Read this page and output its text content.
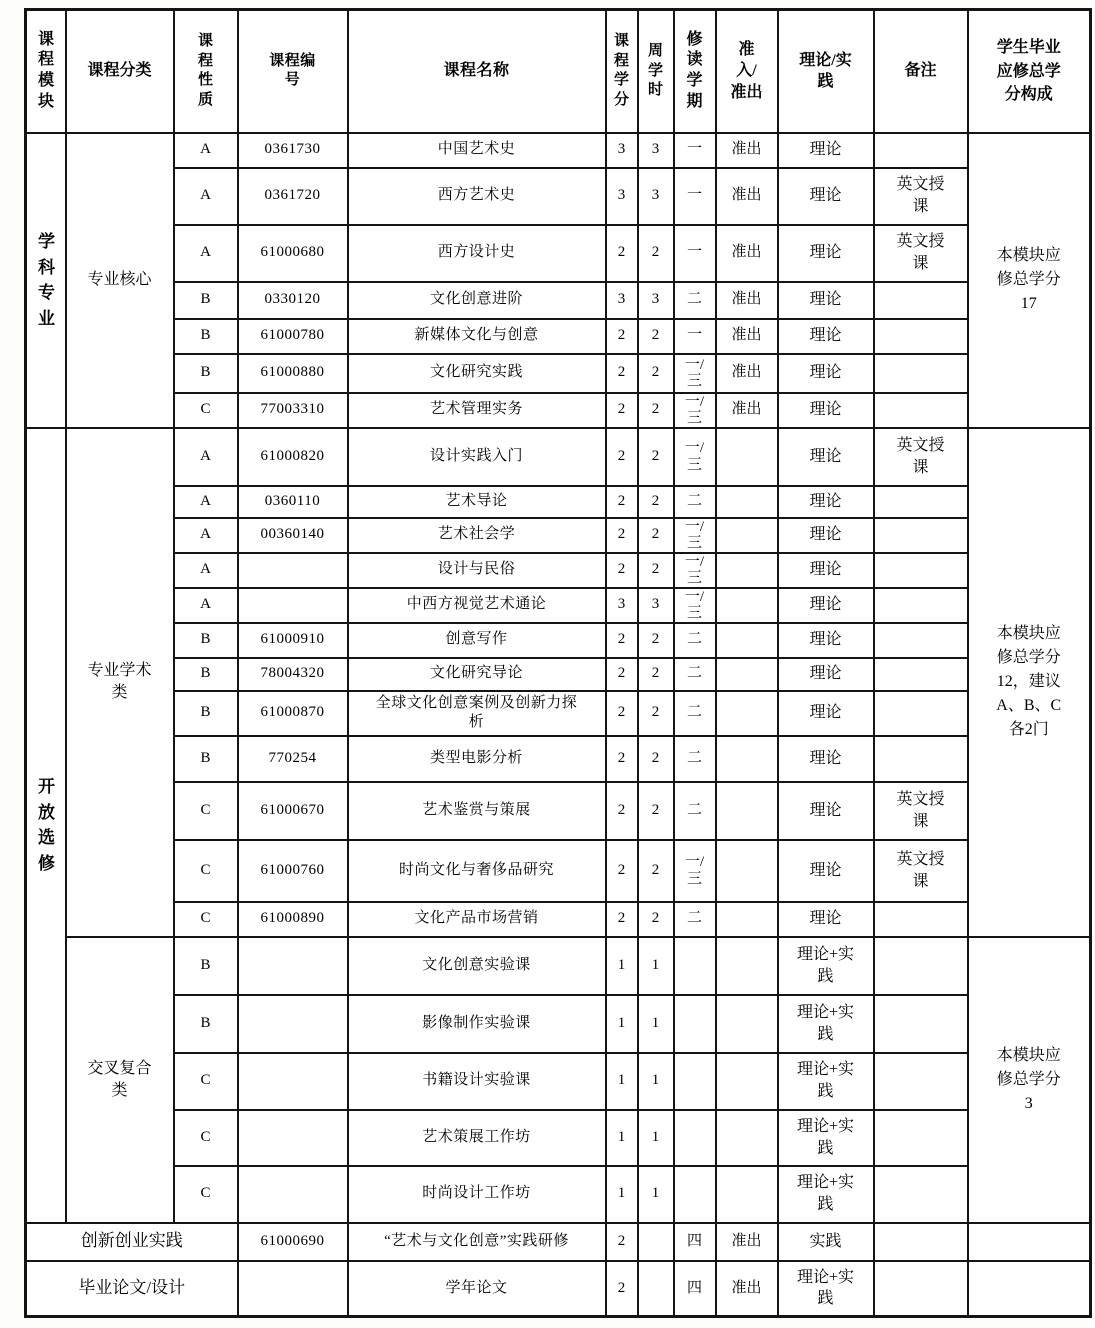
课程模块	课程分类	课程性质	课程编号	课程名称	课程学分	周学时	修读学期	准入/准出	理论/实践	备注	学生毕业应修总学分构成
学科专业	专业核心	A	0361730	中国艺术史	3	3	一	准出	理论		本模块应修总学分 17
		A	0361720	西方艺术史	3	3	一	准出	理论	英文授课	
		A	61000680	西方设计史	2	2	一	准出	理论	英文授课	
		B	0330120	文化创意进阶	3	3	二	准出	理论		
		B	61000780	新媒体文化与创意	2	2	一	准出	理论		
		B	61000880	文化研究实践	2	2	一/三	准出	理论		
		C	77003310	艺术管理实务	2	2	一/三	准出	理论		
开放选修	专业学术类	A	61000820	设计实践入门	2	2	一/三		理论	英文授课	本模块应修总学分12，建议A、B、C各2门
		A	0360110	艺术导论	2	2	二		理论		
		A	00360140	艺术社会学	2	2	一/三		理论		
		A		设计与民俗	2	2	一/三		理论		
		A		中西方视觉艺术通论	3	3	一/三		理论		
		B	61000910	创意写作	2	2	二		理论		
		B	78004320	文化研究导论	2	2	二		理论		
		B	61000870	全球文化创意案例及创新力探析	2	2	二		理论		
		B	770254	类型电影分析	2	2	二		理论		
		C	61000670	艺术鉴赏与策展	2	2	二		理论	英文授课	
		C	61000760	时尚文化与奢侈品研究	2	2	一/三		理论	英文授课	
		C	61000890	文化产品市场营销	2	2	二		理论		
	交叉复合类	B		文化创意实验课	1	1			理论+实践		本模块应修总学分 3
		B		影像制作实验课	1	1			理论+实践		
		C		书籍设计实验课	1	1			理论+实践		
		C		艺术策展工作坊	1	1			理论+实践		
		C		时尚设计工作坊	1	1			理论+实践		
创新创业实践			61000690	“艺术与文化创意”实践研修	2		四	准出	实践		
毕业论文/设计				学年论文	2		四	准出	理论+实践		
